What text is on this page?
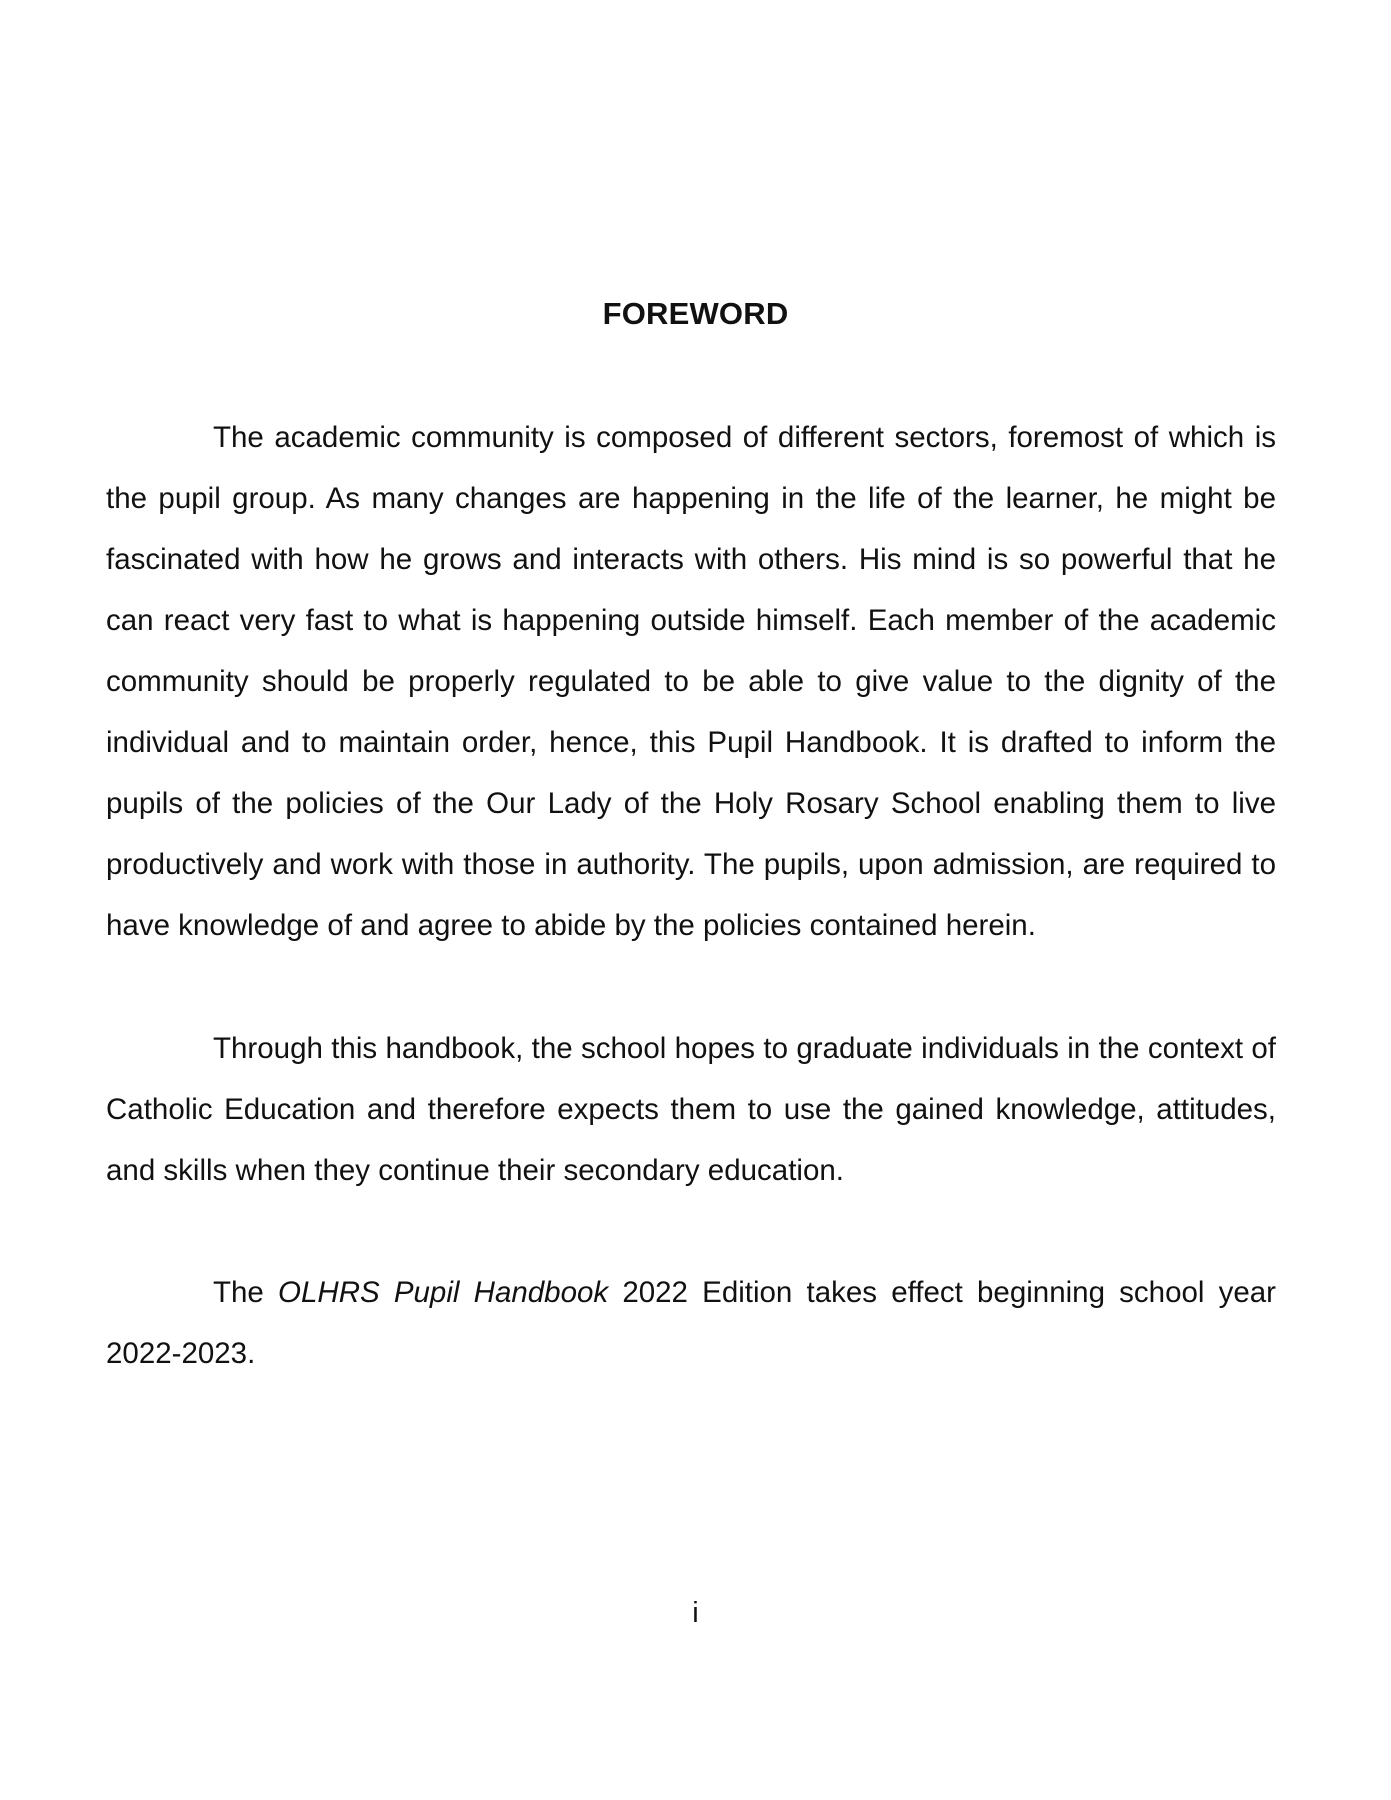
FOREWORD

The academic community is composed of different sectors, foremost of which is the pupil group. As many changes are happening in the life of the learner, he might be fascinated with how he grows and interacts with others. His mind is so powerful that he can react very fast to what is happening outside himself. Each member of the academic community should be properly regulated to be able to give value to the dignity of the individual and to maintain order, hence, this Pupil Handbook. It is drafted to inform the pupils of the policies of the Our Lady of the Holy Rosary School enabling them to live productively and work with those in authority. The pupils, upon admission, are required to have knowledge of and agree to abide by the policies contained herein.

Through this handbook, the school hopes to graduate individuals in the context of Catholic Education and therefore expects them to use the gained knowledge, attitudes, and skills when they continue their secondary education.

The OLHRS Pupil Handbook 2022 Edition takes effect beginning school year 2022-2023.

i
